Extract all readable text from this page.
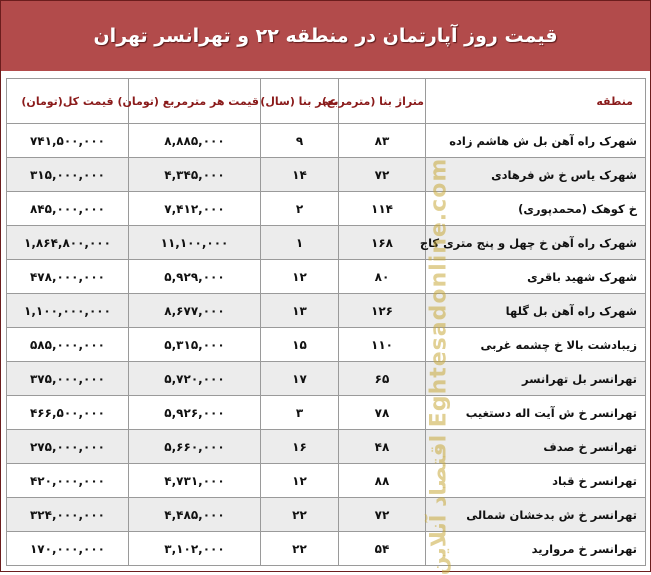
قیمت روز آپارتمان در منطقه ۲۲ و تهرانسر تهران
قیمت کل(تومان)	قیمت هر مترمربع (تومان)	عمر بنا (سال)	متراژ بنا (مترمربع)	منطقه
۷۴۱,۵۰۰,۰۰۰	۸,۸۸۵,۰۰۰	۹	۸۳	شهرک راه آهن بل ش هاشم زاده
۳۱۵,۰۰۰,۰۰۰	۴,۳۴۵,۰۰۰	۱۴	۷۲	شهرک یاس خ ش فرهادی
۸۴۵,۰۰۰,۰۰۰	۷,۴۱۲,۰۰۰	۲	۱۱۴	خ کوهک (محمدپوری)
۱,۸۶۴,۸۰۰,۰۰۰	۱۱,۱۰۰,۰۰۰	۱	۱۶۸	شهرک راه آهن خ چهل و پنج متری کاج
۴۷۸,۰۰۰,۰۰۰	۵,۹۲۹,۰۰۰	۱۲	۸۰	شهرک شهید باقری
۱,۱۰۰,۰۰۰,۰۰۰	۸,۶۷۷,۰۰۰	۱۳	۱۲۶	شهرک راه آهن بل گلها
۵۸۵,۰۰۰,۰۰۰	۵,۳۱۵,۰۰۰	۱۵	۱۱۰	زیبادشت بالا خ چشمه غربی
۳۷۵,۰۰۰,۰۰۰	۵,۷۲۰,۰۰۰	۱۷	۶۵	تهرانسر بل تهرانسر
۴۶۶,۵۰۰,۰۰۰	۵,۹۲۶,۰۰۰	۳	۷۸	تهرانسر خ ش آیت اله دستغیب
۲۷۵,۰۰۰,۰۰۰	۵,۶۶۰,۰۰۰	۱۶	۴۸	تهرانسر خ صدف
۴۲۰,۰۰۰,۰۰۰	۴,۷۳۱,۰۰۰	۱۲	۸۸	تهرانسر خ قباد
۳۲۴,۰۰۰,۰۰۰	۴,۴۸۵,۰۰۰	۲۲	۷۲	تهرانسر خ ش بدخشان شمالی
۱۷۰,۰۰۰,۰۰۰	۳,۱۰۲,۰۰۰	۲۲	۵۴	تهرانسر خ مروارید
اقتصاد آنلاین Eghtesadonline.com
